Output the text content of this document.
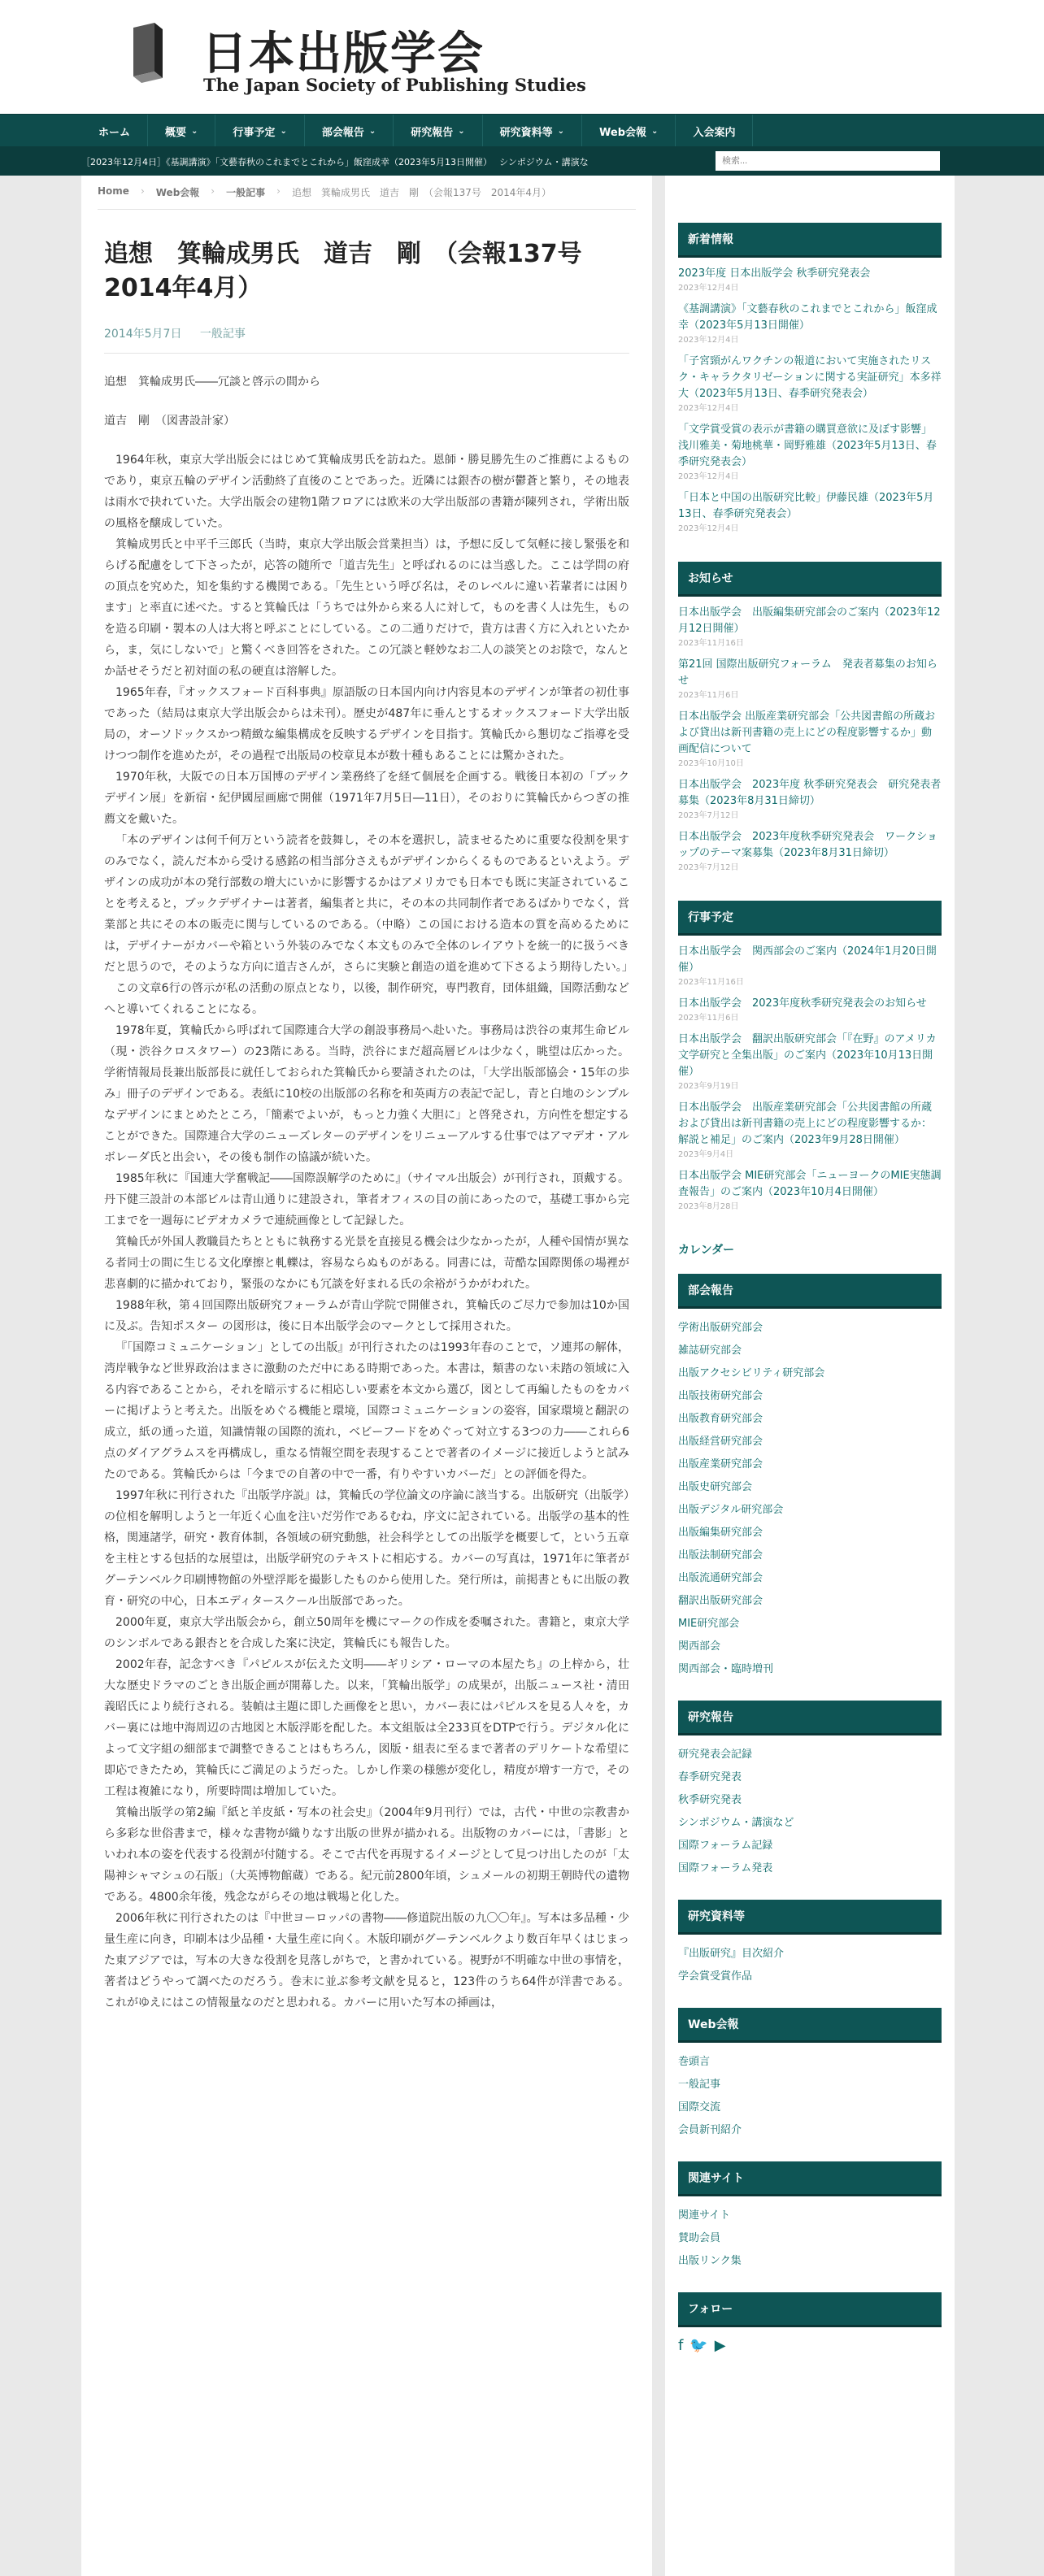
日本出版学会
The Japan Society of Publishing Studies
ホーム	概要 ⌄	行事予定 ⌄	部会報告 ⌄	研究報告 ⌄	研究資料等 ⌄	Web会報 ⌄	入会案内
［2023年12月4日］《基調講演》「文藝春秋のこれまでとこれから」飯窪成幸（2023年5月13日開催）　 シンポジウム・講演な
検索...
Home › Web会報 › 一般記事 › 追想　箕輪成男氏　道吉　剛　（会報137号　2014年4月）
追想　箕輪成男氏　道吉　剛　（会報137号　2014年4月）
2014年5月7日 一般記事

追想　箕輪成男氏――冗談と啓示の間から

道吉　剛　（図書設計家）

1964年秋，東京大学出版会にはじめて箕輪成男氏を訪ねた。恩師・勝見勝先生のご推薦によるものであり，東京五輪のデザイン活動終了直後のことであった。近隣には銀杏の樹が鬱蒼と繁り，その地表は雨水で抉れていた。大学出版会の建物1階フロアには欧米の大学出版部の書籍が陳列され，学術出版の風格を醸成していた。

箕輪成男氏と中平千三郎氏（当時，東京大学出版会営業担当）は，予想に反して気軽に接し緊張を和らげる配慮をして下さったが，応答の随所で「道吉先生」と呼ばれるのには当惑した。ここは学問の府の頂点を究めた，知を集約する機関である。「先生という呼び名は，そのレベルに違い若輩者には困ります」と率直に述べた。すると箕輪氏は「うちでは外から来る人に対して，ものを書く人は先生，ものを造る印刷・製本の人は大将と呼ぶことにしている。この二通りだけで，貴方は書く方に入れといたから，ま，気にしないで」と驚くべき回答をされた。この冗談と軽妙なお二人の談笑とのお陰で，なんとか話せそうだと初対面の私の硬直は溶解した。

1965年春，『オックスフォード百科事典』原語版の日本国内向け内容見本のデザインが筆者の初仕事であった（結局は東京大学出版会からは未刊）。歴史が487年に垂んとするオックスフォード大学出版局の，オーソドックスかつ精緻な編集構成を反映するデザインを目指す。箕輪氏から懇切なご指導を受けつつ制作を進めたが，その過程で出版局の校章見本が数十種もあることには驚かされた。

1970年秋，大阪での日本万国博のデザイン業務終了を経て個展を企画する。戦後日本初の「ブックデザイン展」を新宿・紀伊國屋画廊で開催（1971年7月5日―11日），そのおりに箕輪氏からつぎの推薦文を戴いた。

「本のデザインは何千何万という読者を鼓舞し，その本を選択し，読ませるために重要な役割を果すのみでなく，読んだ本から受ける感銘の相当部分さえもがデザインからくるものであるといえよう。デザインの成功が本の発行部数の増大にいかに影響するかはアメリカでも日本でも既に実証されていることを考えると，ブックデザイナーは著者，編集者と共に，その本の共同制作者であるばかりでなく，営業部と共にその本の販売に関与しているのである。（中略）この国における造本の質を高めるためには，デザイナーがカバーや箱という外装のみでなく本文ものみで全体のレイアウトを統一的に扱うべきだと思うので，そのような方向に道吉さんが，さらに実験と創造の道を進めて下さるよう期待したい。」

この文章6行の啓示が私の活動の原点となり，以後，制作研究，専門教育，団体組織，国際活動などへと導いてくれることになる。

1978年夏，箕輪氏から呼ばれて国際連合大学の創設事務局へ赴いた。事務局は渋谷の東邦生命ビル（現・渋谷クロスタワー）の23階にある。当時，渋谷にまだ超高層ビルは少なく，眺望は広かった。学術情報局長兼出版部長に就任しておられた箕輪氏から要請されたのは，「大学出版部協会・15年の歩み」冊子のデザインである。表紙に10校の出版部の名称を和英両方の表記で記し，青と白地のシンプルなデザインにまとめたところ，「簡素でよいが，もっと力強く大胆に」と啓発され，方向性を想定することができた。国際連合大学のニューズレターのデザインをリニューアルする仕事ではアマデオ・アルボレーダ氏と出会い，その後も制作の協議が続いた。

1985年秋に『国連大学奮戦記――国際誤解学のために』（サイマル出版会）が刊行され，頂戴する。丹下健三設計の本部ビルは青山通りに建設され，筆者オフィスの目の前にあったので，基礎工事から完工までを一週毎にビデオカメラで連続画像として記録した。

箕輪氏が外国人教職員たちとともに執務する光景を直接見る機会は少なかったが，人種や国情が異なる者同士の間に生じる文化摩擦と軋轢は，容易ならぬものがある。同書には，苛酷な国際関係の場裡が悲喜劇的に描かれており，緊張のなかにも冗談を好まれる氏の余裕がうかがわれた。

1988年秋，第４回国際出版研究フォーラムが青山学院で開催され，箕輪氏のご尽力で参加は10か国に及ぶ。告知ポスター の図形は，後に日本出版学会のマークとして採用された。

『「国際コミュニケーション」としての出版』が刊行されたのは1993年春のことで，ソ連邦の解体，湾岸戦争など世界政治はまさに激動のただ中にある時期であった。本書は，類書のない未踏の領域に入る内容であることから，それを暗示するに相応しい要素を本文から選び，図として再編したものをカバーに掲げようと考えた。出版をめぐる機能と環境，国際コミュニケーションの姿容，国家環境と翻訳の成立，紙の通った道，知識情報の国際的流れ，ベビーフードをめぐって対立する3つの力――これら6点のダイアグラムスを再構成し，重なる情報空間を表現することで著者のイメージに接近しようと試みたのである。箕輪氏からは「今までの自著の中で一番，有りやすいカバーだ」との評価を得た。

1997年秋に刊行された『出版学序説』は，箕輪氏の学位論文の序論に該当する。出版研究（出版学）の位相を解明しようと一年近く心血を注いだ労作であるむね，序文に記されている。出版学の基本的性格，関連諸学，研究・教育体制，各領域の研究動態，社会科学としての出版学を概要して，という五章を主柱とする包括的な展望は，出版学研究のテキストに相応する。カバーの写真は，1971年に筆者がグーテンベルク印刷博物館の外壁浮彫を撮影したものから使用した。発行所は，前掲書ともに出版の教育・研究の中心，日本エディタースクール出版部であった。

2000年夏，東京大学出版会から，創立50周年を機にマークの作成を委嘱された。書籍と，東京大学のシンボルである銀杏とを合成した案に決定，箕輪氏にも報告した。

2002年春，記念すべき『パピルスが伝えた文明――ギリシア・ローマの本屋たち』の上梓から，壮大な歴史ドラマのごとき出版企画が開幕した。以来，「箕輪出版学」の成果が，出版ニュース社・清田義昭氏により続行される。装幀は主題に即した画像をと思い，カバー表にはパピルスを見る人々を，カバー裏には地中海周辺の古地図と木版浮彫を配した。本文組版は全233頁をDTPで行う。デジタル化によって文字組の細部まで調整できることはもちろん，図版・組表に至るまで著者のデリケートな希望に即応できたため，箕輪氏にご満足のようだった。しかし作業の様態が変化し，精度が増す一方で，その工程は複雑になり，所要時間は増加していた。

箕輪出版学の第2編『紙と羊皮紙・写本の社会史』（2004年9月刊行）では，古代・中世の宗教書から多彩な世俗書まで，様々な書物が織りなす出版の世界が描かれる。出版物のカバーには，「書影」といわれ本の姿を代表する役割が付随する。そこで古代を再現するイメージとして見つけ出したのが「太陽神シャマシュの石版」（大英博物館蔵）である。紀元前2800年頃，シュメールの初期王朝時代の遺物である。4800余年後，残念ながらその地は戦場と化した。

2006年秋に刊行されたのは『中世ヨーロッパの書物――修道院出版の九〇〇年』。写本は多品種・少量生産に向き，印刷本は少品種・大量生産に向く。木版印刷がグーテンベルクより数百年早くはじまった東アジアでは，写本の大きな役割を見落しがちで，と書かれている。視野が不明確な中世の事情を，著者はどうやって調べたのだろう。巻末に並ぶ参考文献を見ると，123件のうち64件が洋書である。これがゆえにはこの情報量なのだと思われる。カバーに用いた写本の挿画は，

新着情報
2023年度 日本出版学会 秋季研究発表会
2023年12月4日
《基調講演》「文藝春秋のこれまでとこれから」飯窪成幸（2023年5月13日開催）
2023年12月4日
「子宮頸がんワクチンの報道において実施されたリスク・キャラクタリゼーションに関する実証研究」本多祥大（2023年5月13日、春季研究発表会）
2023年12月4日
「文学賞受賞の表示が書籍の購買意欲に及ぼす影響」浅川雅美・菊地桃華・岡野雅雄（2023年5月13日、春季研究発表会）
2023年12月4日
「日本と中国の出版研究比較」伊藤民雄（2023年5月13日、春季研究発表会）
2023年12月4日
お知らせ
日本出版学会　出版編集研究部会のご案内（2023年12月12日開催）
2023年11月16日
第21回 国際出版研究フォーラム　発表者募集のお知らせ
2023年11月6日
日本出版学会 出版産業研究部会「公共図書館の所蔵および貸出は新刊書籍の売上にどの程度影響するか」動画配信について
2023年10月10日
日本出版学会　2023年度 秋季研究発表会　研究発表者募集（2023年8月31日締切）
2023年7月12日
日本出版学会　2023年度秋季研究発表会　ワークショップのテーマ案募集（2023年8月31日締切）
2023年7月12日
行事予定
日本出版学会　関西部会のご案内（2024年1月20日開催）
2023年11月16日
日本出版学会　2023年度秋季研究発表会のお知らせ
2023年11月6日
日本出版学会　翻訳出版研究部会「『在野』のアメリカ文学研究と全集出版」のご案内（2023年10月13日開催）
2023年9月19日
日本出版学会　出版産業研究部会「公共図書館の所蔵および貸出は新刊書籍の売上にどの程度影響するか：解説と補足」のご案内（2023年9月28日開催）
2023年9月4日
日本出版学会 MIE研究部会「ニューヨークのMIE実態調査報告」のご案内（2023年10月4日開催）
2023年8月28日
カレンダー
部会報告
学術出版研究部会
雑誌研究部会
出版アクセシビリティ研究部会
出版技術研究部会
出版教育研究部会
出版経営研究部会
出版産業研究部会
出版史研究部会
出版デジタル研究部会
出版編集研究部会
出版法制研究部会
出版流通研究部会
翻訳出版研究部会
MIE研究部会
関西部会
関西部会・臨時増刊
研究報告
研究発表会記録
春季研究発表
秋季研究発表
シンポジウム・講演など
国際フォーラム記録
国際フォーラム発表
研究資料等
『出版研究』目次紹介
学会賞受賞作品
Web会報
巻頭言
一般記事
国際交流
会員新刊紹介
関連サイト
関連サイト
賛助会員
出版リンク集
フォロー
f 🐦 ▶
